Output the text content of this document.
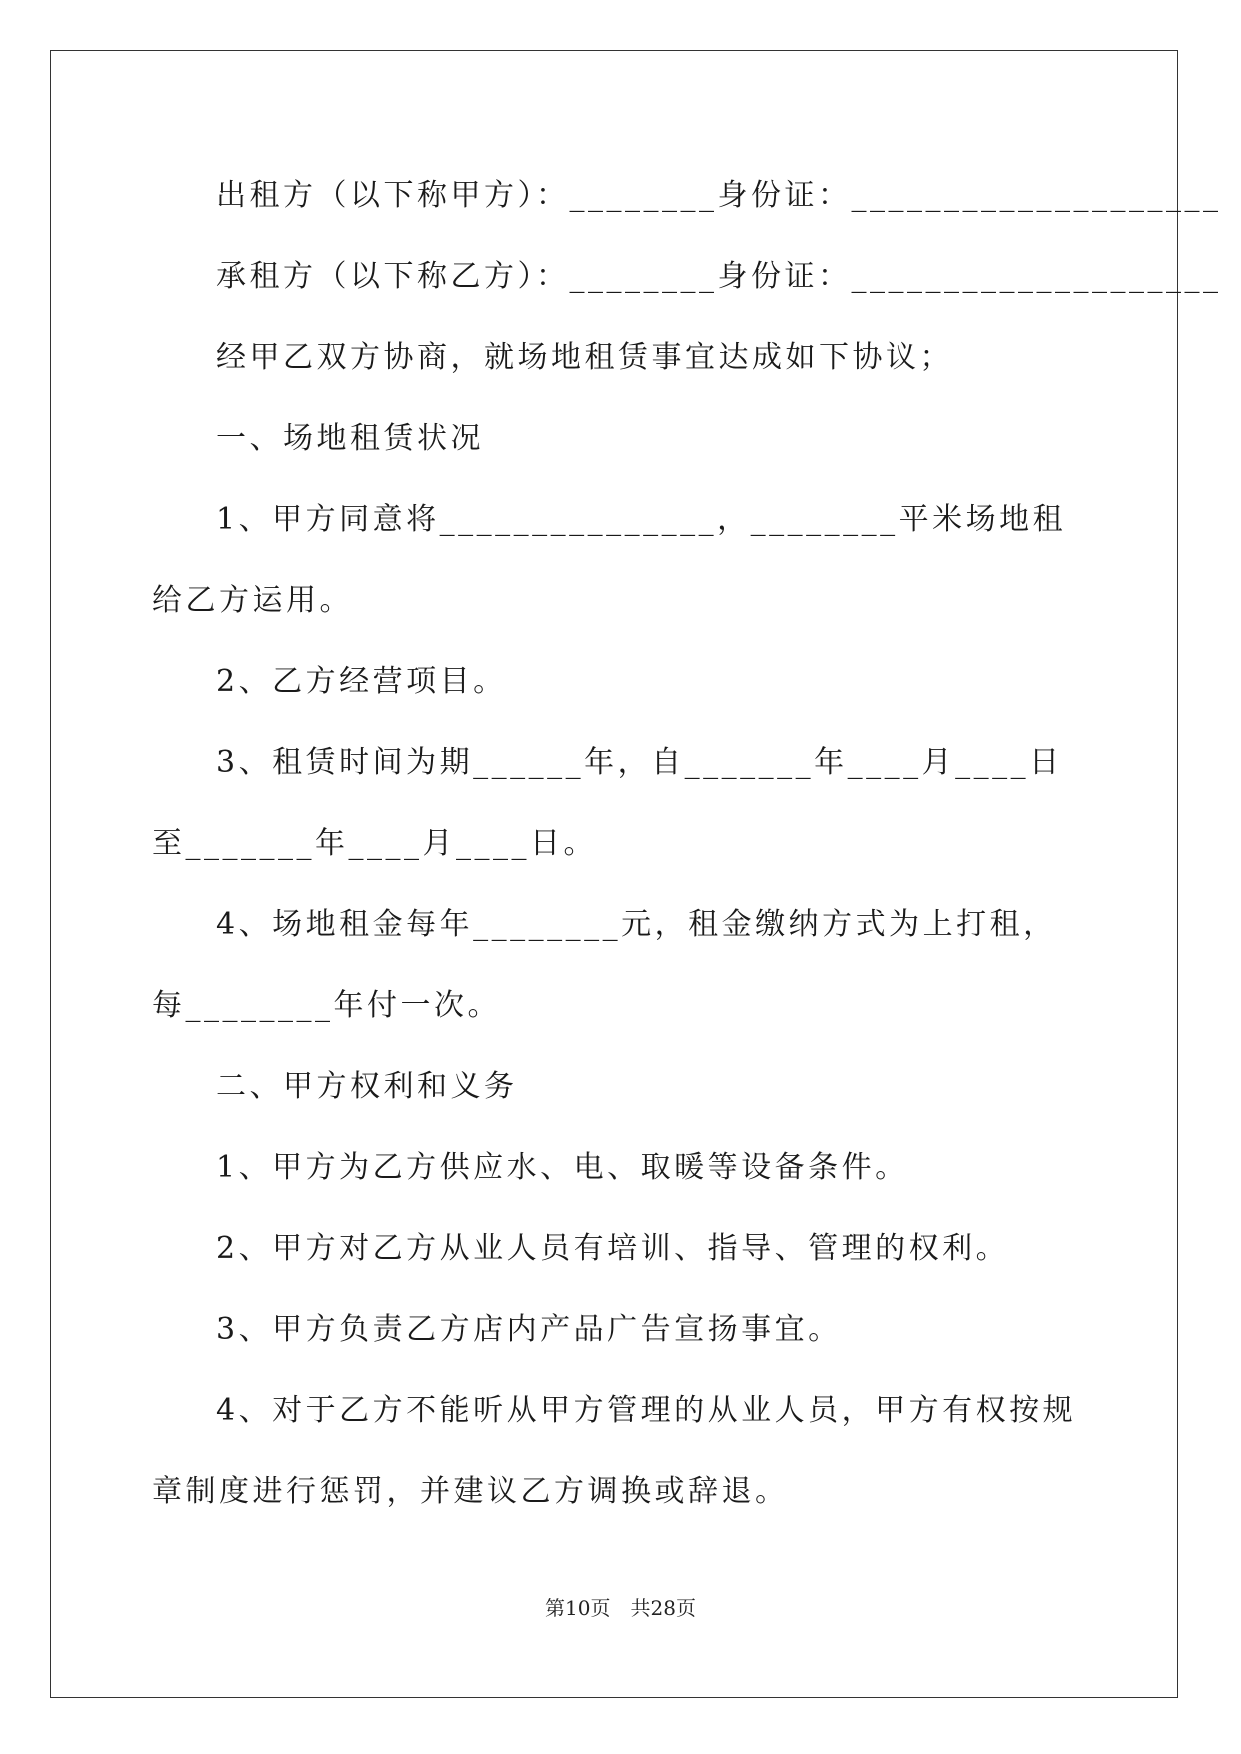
出租方（以下称甲方）：________身份证：____________________

承租方（以下称乙方）：________身份证：____________________

经甲乙双方协商，就场地租赁事宜达成如下协议；

一、场地租赁状况

1、甲方同意将_______________，________平米场地租给乙方运用。

2、乙方经营项目。

3、租赁时间为期______年，自_______年____月____日至_______年____月____日。

4、场地租金每年________元，租金缴纳方式为上打租，每________年付一次。

二、甲方权利和义务

1、甲方为乙方供应水、电、取暖等设备条件。

2、甲方对乙方从业人员有培训、指导、管理的权利。

3、甲方负责乙方店内产品广告宣扬事宜。

4、对于乙方不能听从甲方管理的从业人员，甲方有权按规章制度进行惩罚，并建议乙方调换或辞退。

第10页　共28页
